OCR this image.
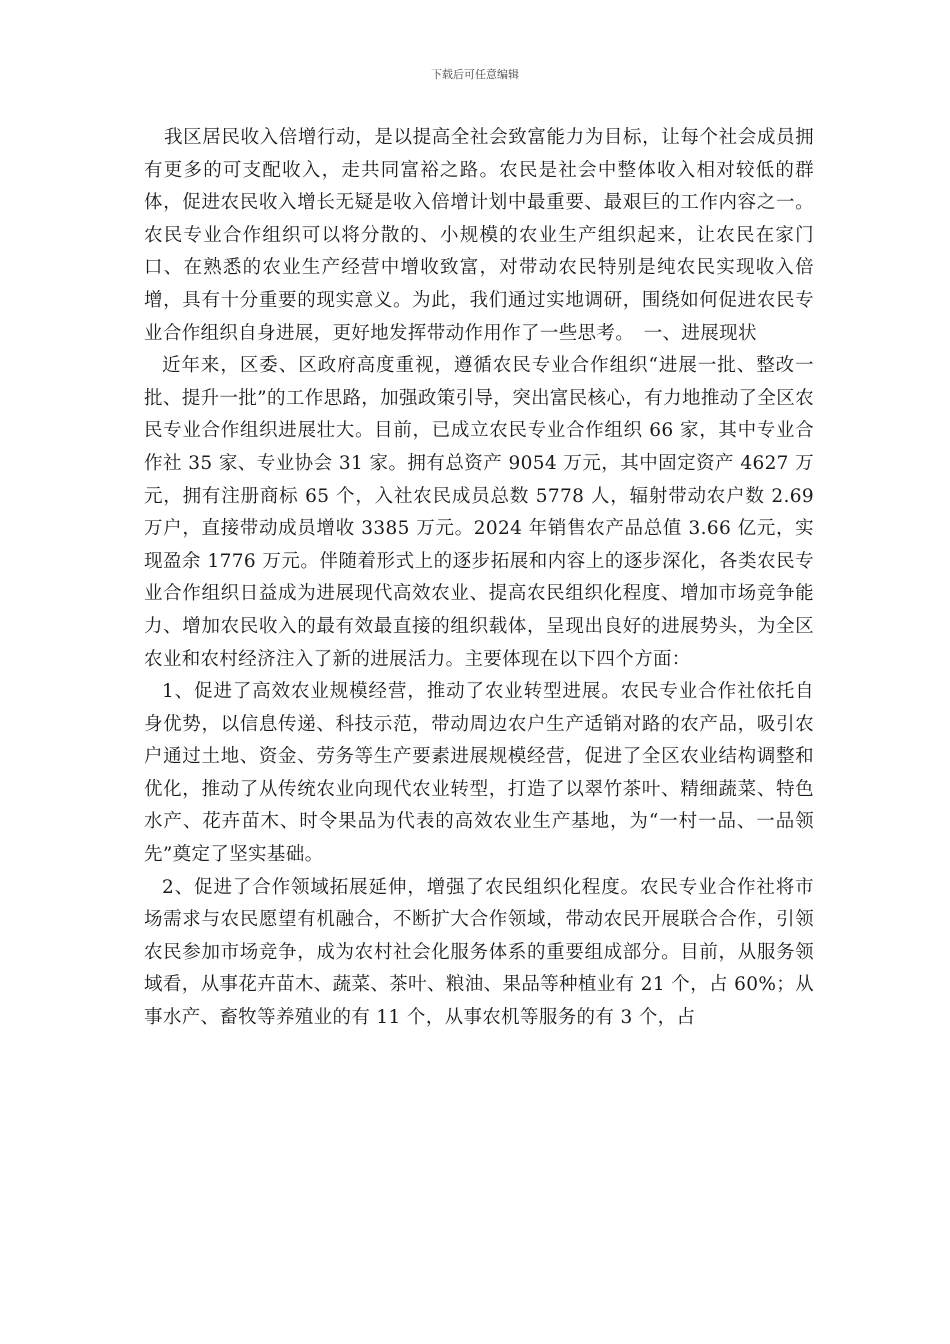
下载后可任意编辑

我区居民收入倍增行动，是以提高全社会致富能力为目标，让每个社会成员拥有更多的可支配收入，走共同富裕之路。农民是社会中整体收入相对较低的群体，促进农民收入增长无疑是收入倍增计划中最重要、最艰巨的工作内容之一。农民专业合作组织可以将分散的、小规模的农业生产组织起来，让农民在家门口、在熟悉的农业生产经营中增收致富，对带动农民特别是纯农民实现收入倍增，具有十分重要的现实意义。为此，我们通过实地调研，围绕如何促进农民专业合作组织自身进展，更好地发挥带动作用作了一些思考。　一、进展现状

近年来，区委、区政府高度重视，遵循农民专业合作组织“进展一批、整改一批、提升一批”的工作思路，加强政策引导，突出富民核心，有力地推动了全区农民专业合作组织进展壮大。目前，已成立农民专业合作组织 66 家，其中专业合作社 35 家、专业协会 31 家。拥有总资产 9054 万元，其中固定资产 4627 万元，拥有注册商标 65 个，入社农民成员总数 5778 人，辐射带动农户数 2.69 万户，直接带动成员增收 3385 万元。2024 年销售农产品总值 3.66 亿元，实现盈余 1776 万元。伴随着形式上的逐步拓展和内容上的逐步深化，各类农民专业合作组织日益成为进展现代高效农业、提高农民组织化程度、增加市场竞争能力、增加农民收入的最有效最直接的组织载体，呈现出良好的进展势头，为全区农业和农村经济注入了新的进展活力。主要体现在以下四个方面：

1、促进了高效农业规模经营，推动了农业转型进展。农民专业合作社依托自身优势，以信息传递、科技示范，带动周边农户生产适销对路的农产品，吸引农户通过土地、资金、劳务等生产要素进展规模经营，促进了全区农业结构调整和优化，推动了从传统农业向现代农业转型，打造了以翠竹茶叶、精细蔬菜、特色水产、花卉苗木、时令果品为代表的高效农业生产基地，为“一村一品、一品领先”奠定了坚实基础。

2、促进了合作领域拓展延伸，增强了农民组织化程度。农民专业合作社将市场需求与农民愿望有机融合，不断扩大合作领域，带动农民开展联合合作，引领农民参加市场竞争，成为农村社会化服务体系的重要组成部分。目前，从服务领域看，从事花卉苗木、蔬菜、茶叶、粮油、果品等种植业有 21 个，占 60%；从事水产、畜牧等养殖业的有 11 个，从事农机等服务的有 3 个，占
